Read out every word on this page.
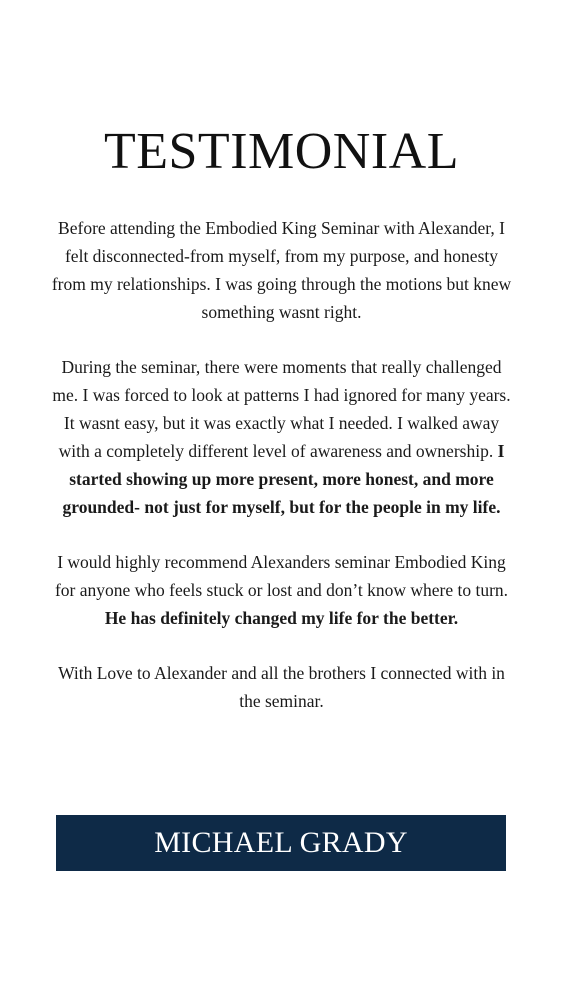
TESTIMONIAL

Before attending the Embodied King Seminar with Alexander, I felt disconnected-from myself, from my purpose, and honesty from my relationships. I was going through the motions but knew something wasnt right.

During the seminar, there were moments that really challenged me. I was forced to look at patterns I had ignored for many years. It wasnt easy, but it was exactly what I needed. I walked away with a completely different level of awareness and ownership. I started showing up more present, more honest, and more grounded- not just for myself, but for the people in my life.

I would highly recommend Alexanders seminar Embodied King for anyone who feels stuck or lost and don’t know where to turn. He has definitely changed my life for the better.

With Love to Alexander and all the brothers I connected with in the seminar.

MICHAEL GRADY
